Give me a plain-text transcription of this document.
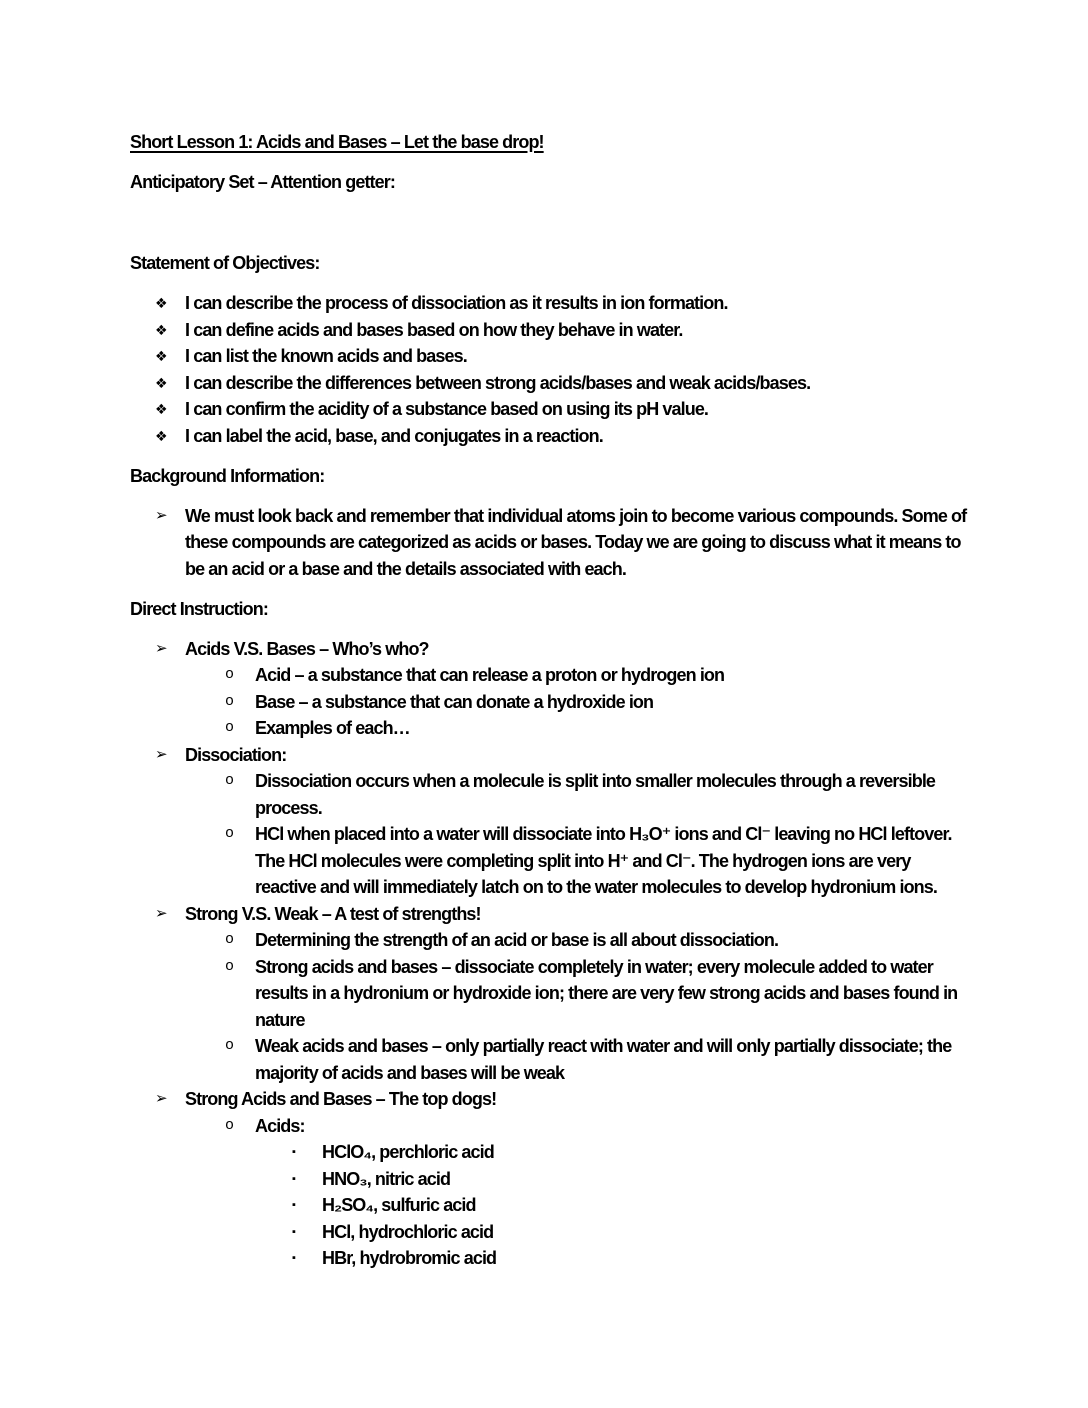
Short Lesson 1: Acids and Bases – Let the base drop!

Anticipatory Set – Attention getter:

Statement of Objectives:

❖ I can describe the process of dissociation as it results in ion formation.
❖ I can define acids and bases based on how they behave in water.
❖ I can list the known acids and bases.
❖ I can describe the differences between strong acids/bases and weak acids/bases.
❖ I can confirm the acidity of a substance based on using its pH value.
❖ I can label the acid, base, and conjugates in a reaction.

Background Information:

➢ We must look back and remember that individual atoms join to become various compounds. Some of these compounds are categorized as acids or bases. Today we are going to discuss what it means to be an acid or a base and the details associated with each.

Direct Instruction:

➢ Acids V.S. Bases – Who’s who?
o Acid – a substance that can release a proton or hydrogen ion
o Base – a substance that can donate a hydroxide ion
o Examples of each…
➢ Dissociation:
o Dissociation occurs when a molecule is split into smaller molecules through a reversible process.
o HCl when placed into a water will dissociate into H₃O⁺ ions and Cl⁻ leaving no HCl leftover. The HCl molecules were completing split into H⁺ and Cl⁻. The hydrogen ions are very reactive and will immediately latch on to the water molecules to develop hydronium ions.
➢ Strong V.S. Weak – A test of strengths!
o Determining the strength of an acid or base is all about dissociation.
o Strong acids and bases – dissociate completely in water; every molecule added to water results in a hydronium or hydroxide ion; there are very few strong acids and bases found in nature
o Weak acids and bases – only partially react with water and will only partially dissociate; the majority of acids and bases will be weak
➢ Strong Acids and Bases – The top dogs!
o Acids:
▪ HClO₄, perchloric acid
▪ HNO₃, nitric acid
▪ H₂SO₄, sulfuric acid
▪ HCl, hydrochloric acid
▪ HBr, hydrobromic acid
